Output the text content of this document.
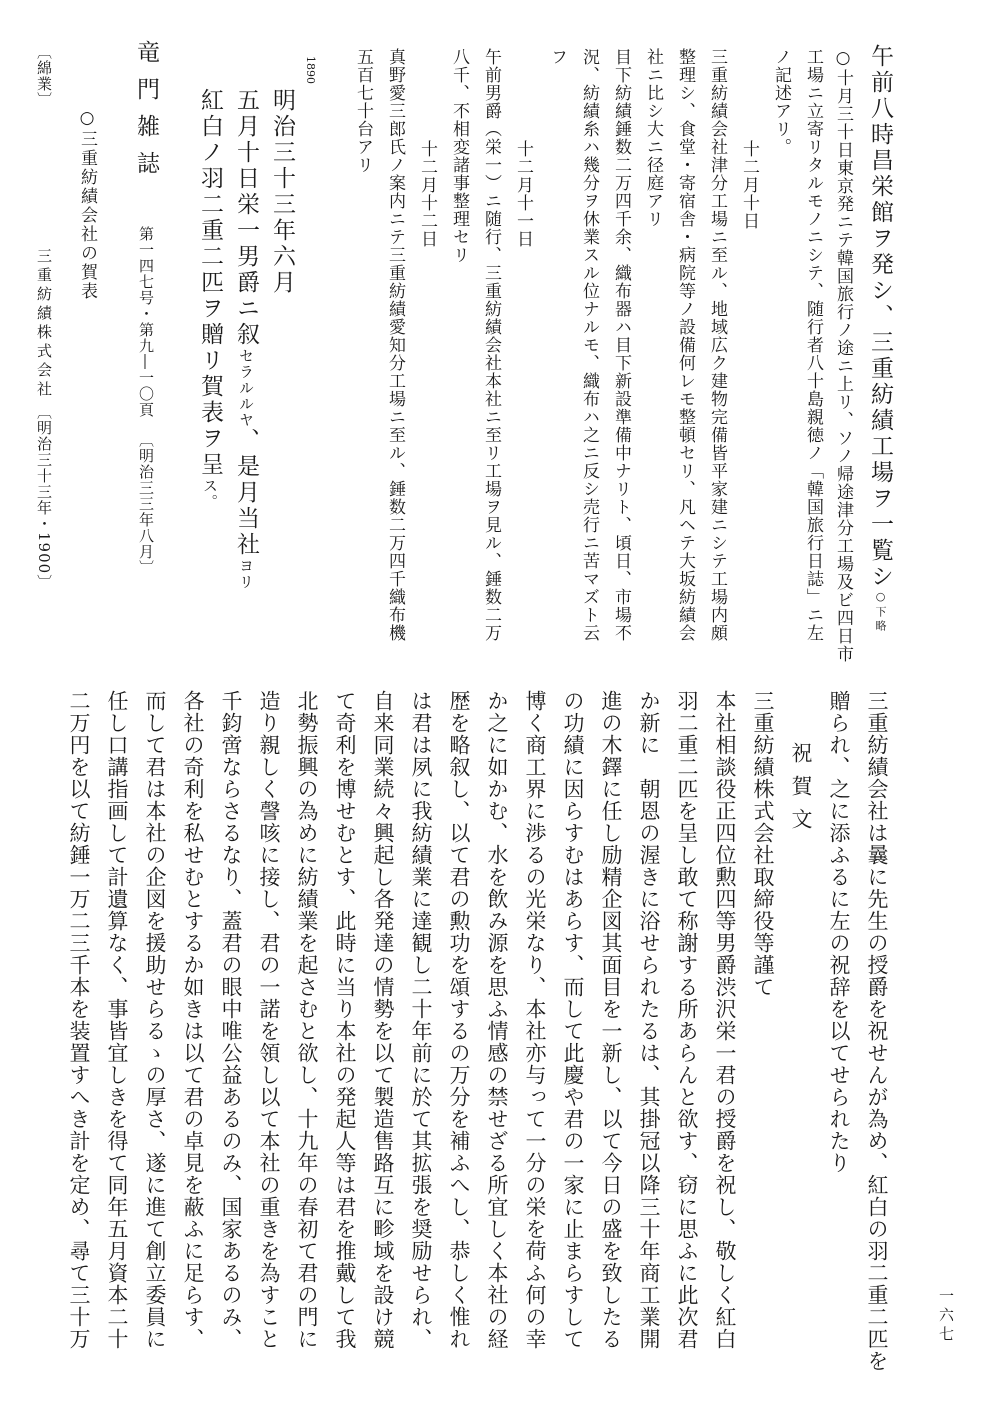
午前八時昌栄館ヲ発シ、三重紡績工場ヲ一覧シ○下略
○十月三十日東京発ニテ韓国旅行ノ途ニ上リ、ソノ帰途津分工場及ビ四日市
工場ニ立寄リタルモノニシテ、随行者八十島親徳ノ「韓国旅行日誌」ニ左
ノ記述アリ。
十二月十日
三重紡績会社津分工場ニ至ル、地域広ク建物完備皆平家建ニシテ工場内頗
整理シ、食堂・寄宿舎・病院等ノ設備何レモ整頓セリ、凡ヘテ大坂紡績会
社ニ比シ大ニ径庭アリ
目下紡績錘数二万四千余、織布器ハ目下新設準備中ナリト、頃日、市場不
況、紡績糸ハ幾分ヲ休業スル位ナルモ、織布ハ之ニ反シ売行ニ苦マズト云
フ
十二月十一日
午前男爵（栄一）ニ随行、三重紡績会社本社ニ至リ工場ヲ見ル、錘数二万
八千、不相変諸事整理セリ
十二月十二日
真野愛三郎氏ノ案内ニテ三重紡績愛知分工場ニ至ル、錘数二万四千織布機
五百七十台アリ
1890
明治三十三年六月
五月十日栄一男爵ニ叙セラルルヤ、是月当社ヨリ
紅白ノ羽二重二匹ヲ贈リ賀表ヲ呈ス。
竜門雑誌
第一四七号・第九―一〇頁
〔明治三三年八月〕
○三重紡績会社の賀表
〔綿業〕
三重紡績株式会社
〔明治三十三年・1900〕
三重紡績会社は曩に先生の授爵を祝せんが為め、紅白の羽二重二匹を
贈られ、之に添ふるに左の祝辞を以てせられたり
祝賀文
三重紡績株式会社取締役等謹て
本社相談役正四位勲四等男爵渋沢栄一君の授爵を祝し、敬しく紅白
羽二重二匹を呈し敢て称謝する所あらんと欲す、窃に思ふに此次君
か新に　朝恩の渥きに浴せられたるは、其掛冠以降三十年商工業開
進の木鐸に任し励精企図其面目を一新し、以て今日の盛を致したる
の功績に因らすむはあらす、而して此慶や君の一家に止まらすして
博く商工界に渉るの光栄なり、本社亦与って一分の栄を荷ふ何の幸
か之に如かむ、水を飲み源を思ふ情感の禁せざる所宜しく本社の経
歴を略叙し、以て君の勲功を頌するの万分を補ふへし、恭しく惟れ
は君は夙に我紡績業に達観し二十年前に於て其拡張を奨励せられ、
自来同業続々興起し各発達の情勢を以て製造售路互に畛域を設け競
て奇利を博せむとす、此時に当り本社の発起人等は君を推戴して我
北勢振興の為めに紡績業を起さむと欲し、十九年の春初て君の門に
造り親しく謦咳に接し、君の一諾を領し以て本社の重きを為すこと
千鈞啻ならさるなり、蓋君の眼中唯公益あるのみ、国家あるのみ、
各社の奇利を私せむとするか如きは以て君の卓見を蔽ふに足らす、
而して君は本社の企図を援助せらるゝの厚さ、遂に進て創立委員に
任し口講指画して計遺算なく、事皆宜しきを得て同年五月資本二十
二万円を以て紡錘一万二三千本を装置すへき計を定め、尋て三十万	一六七
